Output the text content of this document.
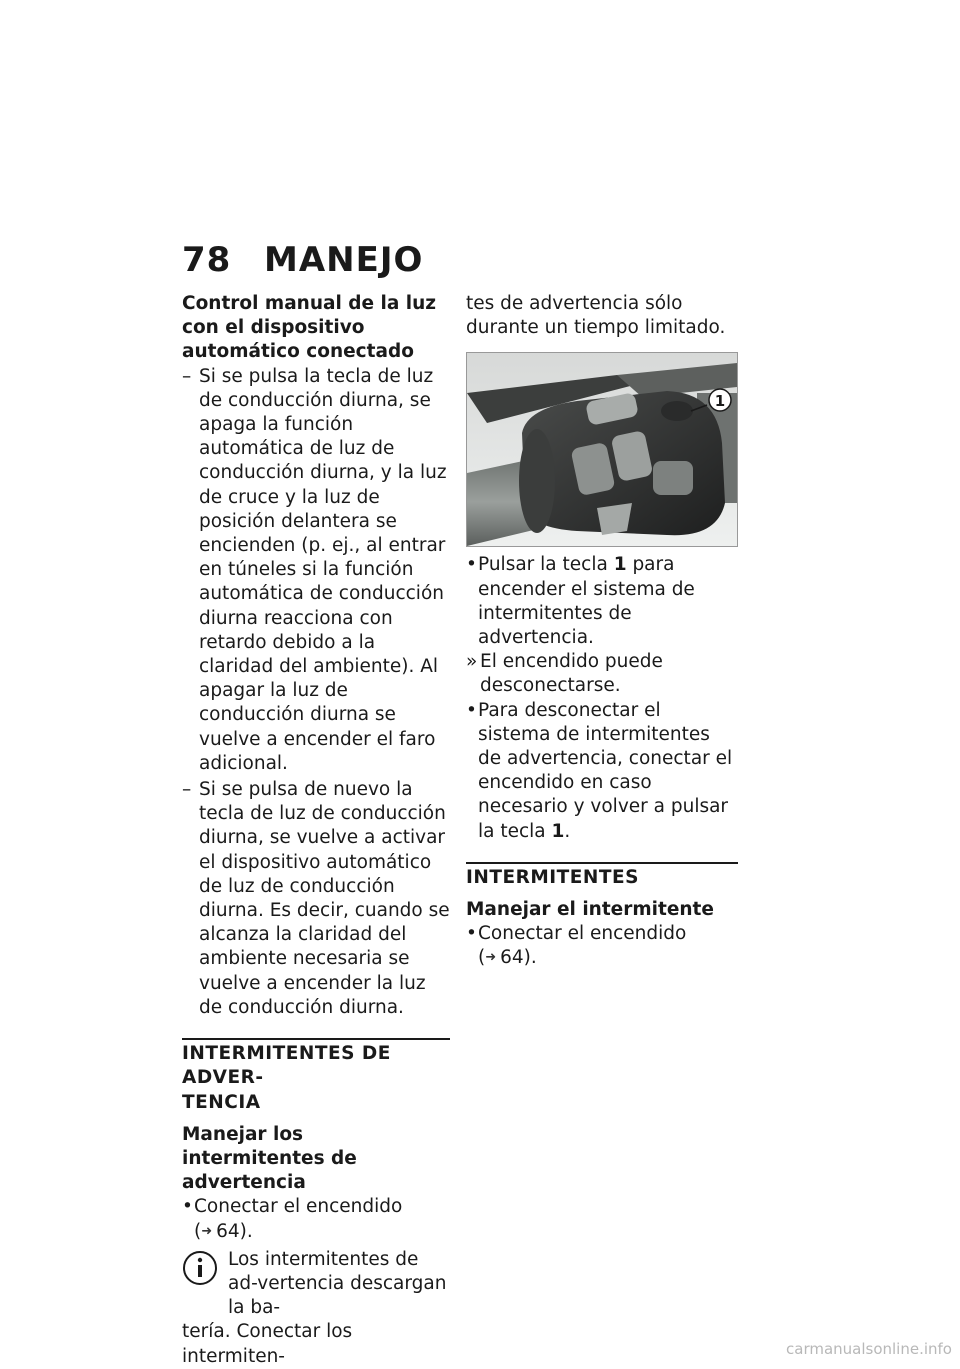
78 MANEJO

Control manual de la luz con el dispositivo automático conectado

– Si se pulsa la tecla de luz de conducción diurna, se apaga la función automática de luz de conducción diurna, y la luz de cruce y la luz de posición delantera se encienden (p. ej., al entrar en túneles si la función automática de conducción diurna reacciona con retardo debido a la claridad del ambiente). Al apagar la luz de conducción diurna se vuelve a encender el faro adicional.

– Si se pulsa de nuevo la tecla de luz de conducción diurna, se vuelve a activar el dispositivo automático de luz de conducción diurna. Es decir, cuando se alcanza la claridad del ambiente necesaria se vuelve a encender la luz de conducción diurna.

INTERMITENTES DE ADVER-
TENCIA

Manejar los intermitentes de advertencia

• Conectar el encendido
(➜ 64).

Los intermitentes de ad-vertencia descargan la ba-

tería. Conectar los intermiten-

tes de advertencia sólo durante un tiempo limitado.

1

• Pulsar la tecla 1 para encender el sistema de intermitentes de advertencia.

» El encendido puede desconectarse.

• Para desconectar el sistema de intermitentes de advertencia, conectar el encendido en caso necesario y volver a pulsar la tecla 1.

INTERMITENTES

Manejar el intermitente

• Conectar el encendido
(➜ 64).

carmanualsonline.info
